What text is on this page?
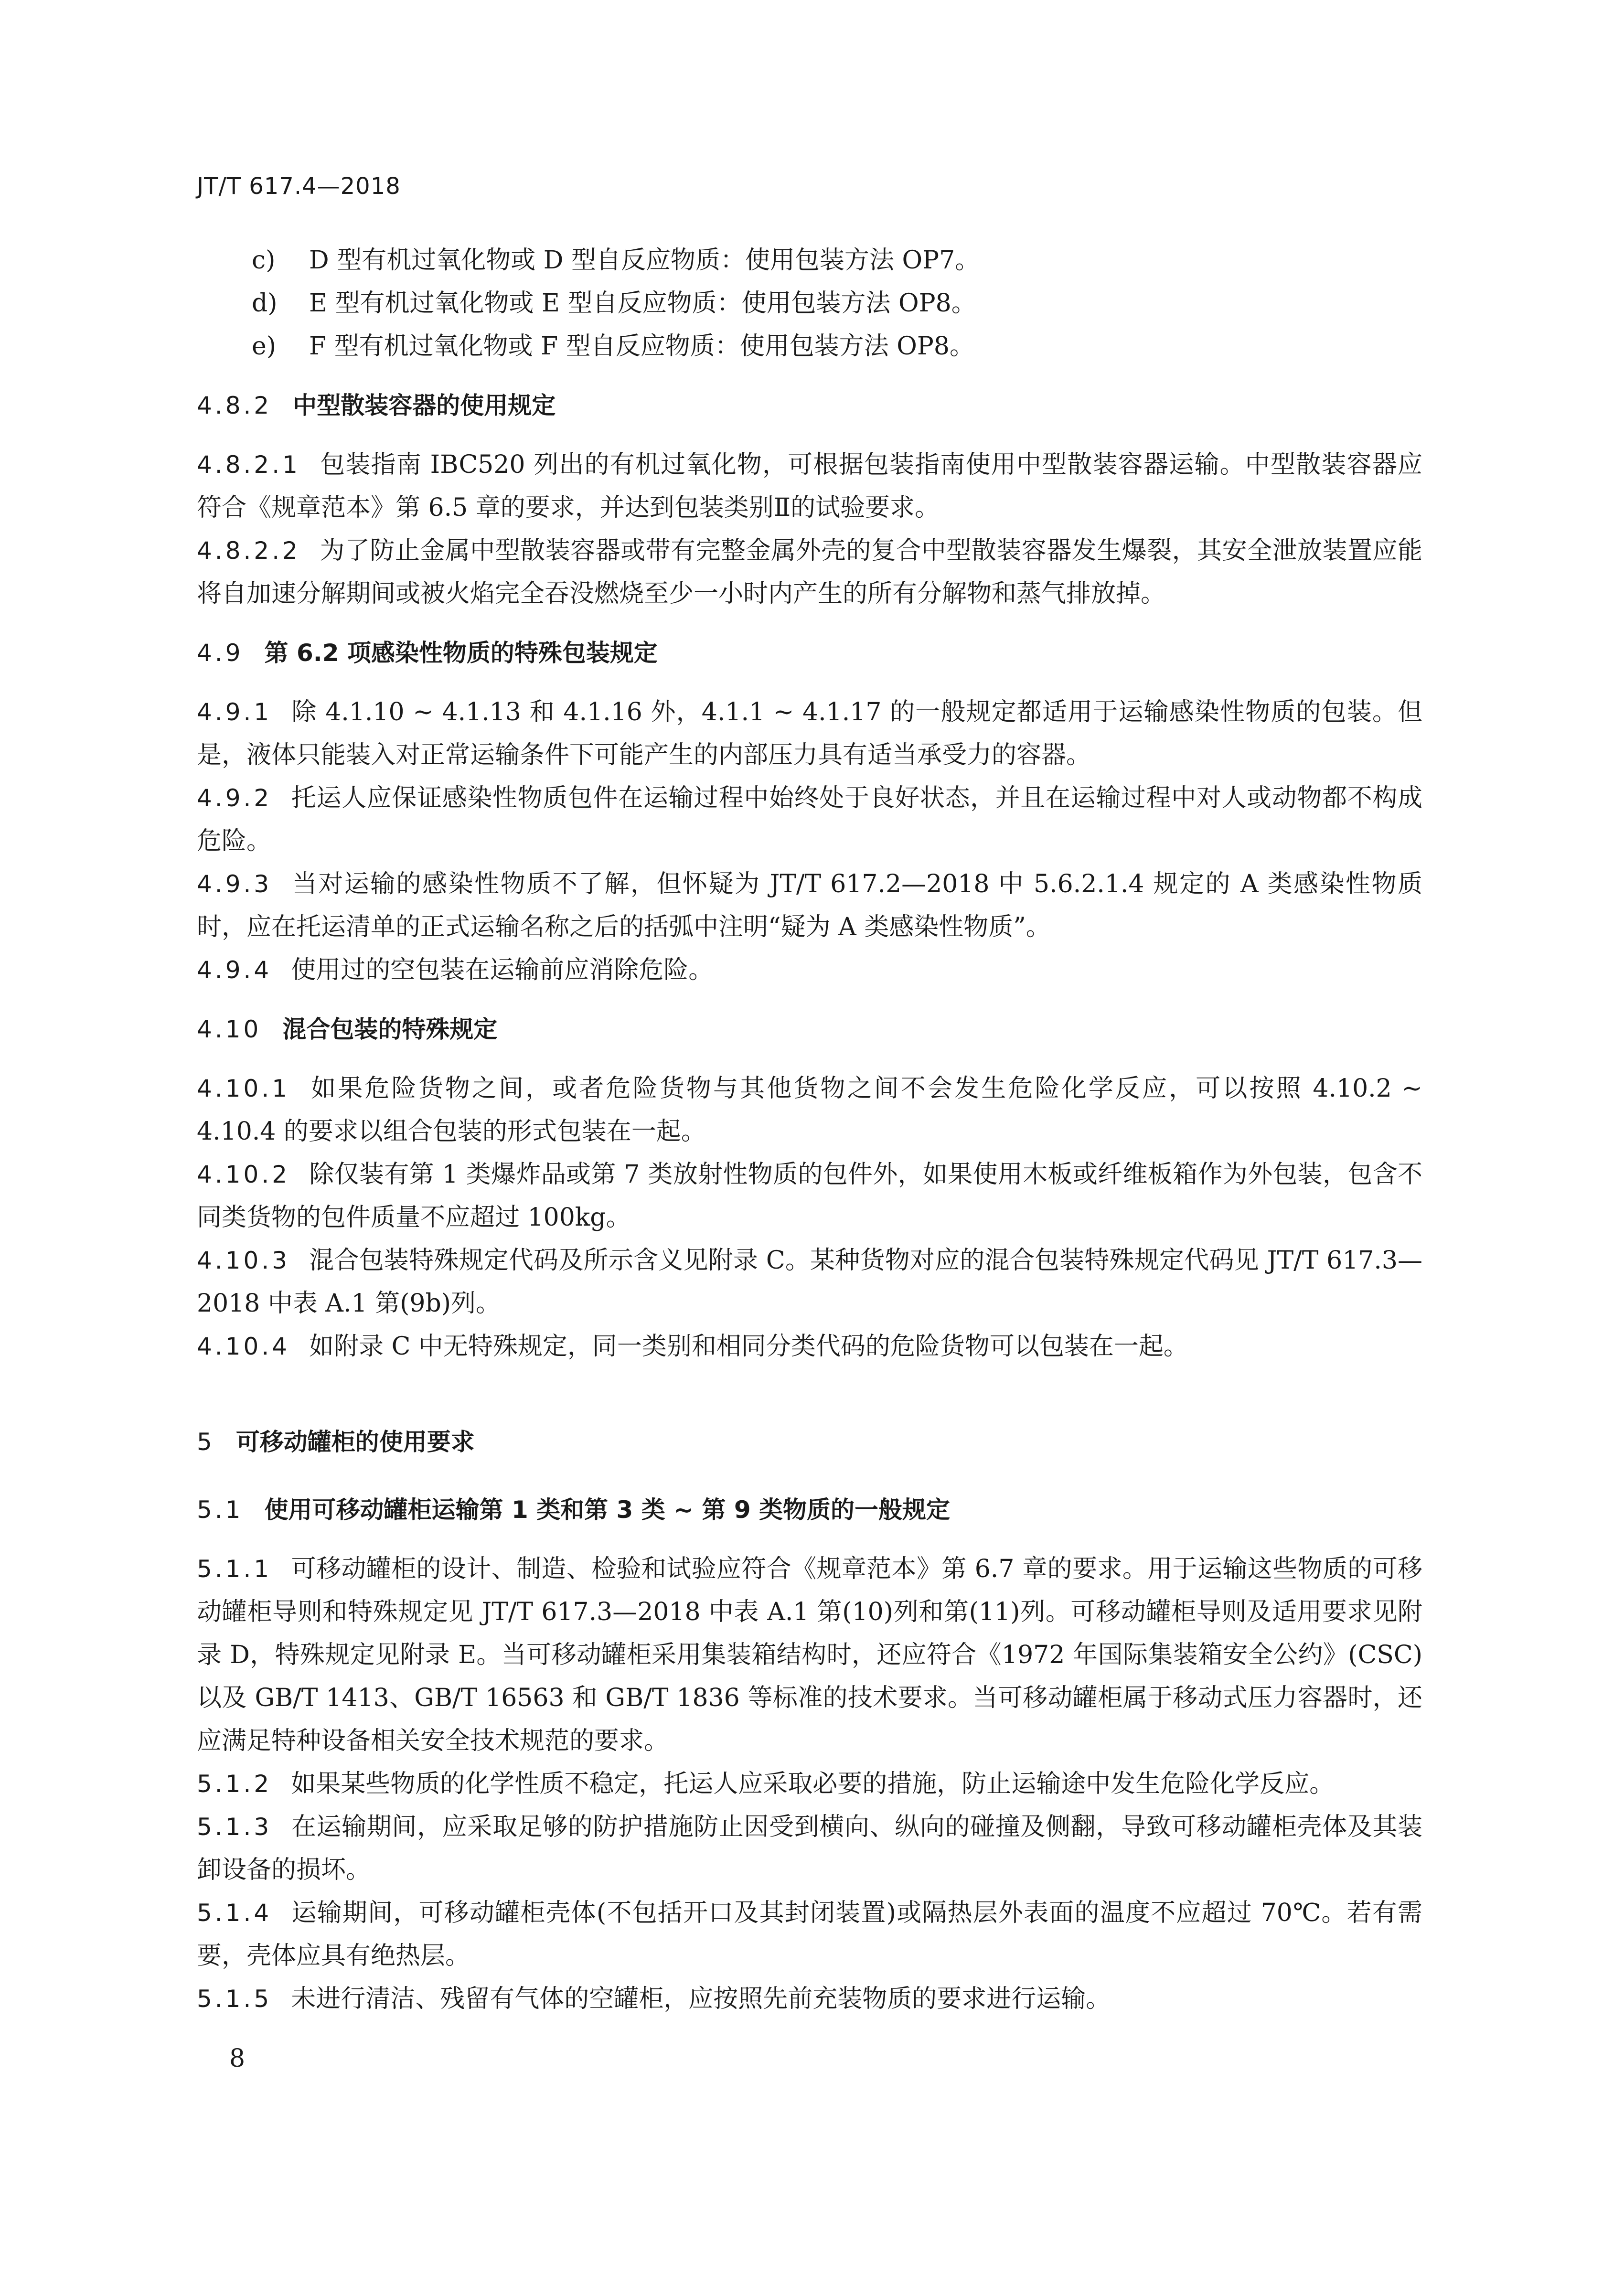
JT/T 617.4—2018
c)	D 型有机过氧化物或 D 型自反应物质：使用包装方法 OP7。
d)	E 型有机过氧化物或 E 型自反应物质：使用包装方法 OP8。
e)	F 型有机过氧化物或 F 型自反应物质：使用包装方法 OP8。
4.8.2 中型散装容器的使用规定

4.8.2.1 包装指南 IBC520 列出的有机过氧化物，可根据包装指南使用中型散装容器运输。中型散装容器应符合《规章范本》第 6.5 章的要求，并达到包装类别Ⅱ的试验要求。

4.8.2.2 为了防止金属中型散装容器或带有完整金属外壳的复合中型散装容器发生爆裂，其安全泄放装置应能将自加速分解期间或被火焰完全吞没燃烧至少一小时内产生的所有分解物和蒸气排放掉。

4.9 第 6.2 项感染性物质的特殊包装规定

4.9.1 除 4.1.10 ~ 4.1.13 和 4.1.16 外，4.1.1 ~ 4.1.17 的一般规定都适用于运输感染性物质的包装。但是，液体只能装入对正常运输条件下可能产生的内部压力具有适当承受力的容器。

4.9.2 托运人应保证感染性物质包件在运输过程中始终处于良好状态，并且在运输过程中对人或动物都不构成危险。

4.9.3 当对运输的感染性物质不了解，但怀疑为 JT/T 617.2—2018 中 5.6.2.1.4 规定的 A 类感染性物质时，应在托运清单的正式运输名称之后的括弧中注明“疑为 A 类感染性物质”。

4.9.4 使用过的空包装在运输前应消除危险。

4.10 混合包装的特殊规定

4.10.1 如果危险货物之间，或者危险货物与其他货物之间不会发生危险化学反应，可以按照 4.10.2 ~ 4.10.4 的要求以组合包装的形式包装在一起。

4.10.2 除仅装有第 1 类爆炸品或第 7 类放射性物质的包件外，如果使用木板或纤维板箱作为外包装，包含不同类货物的包件质量不应超过 100kg。

4.10.3 混合包装特殊规定代码及所示含义见附录 C。某种货物对应的混合包装特殊规定代码见 JT/T 617.3—2018 中表 A.1 第(9b)列。

4.10.4 如附录 C 中无特殊规定，同一类别和相同分类代码的危险货物可以包装在一起。

5 可移动罐柜的使用要求
5.1 使用可移动罐柜运输第 1 类和第 3 类 ~ 第 9 类物质的一般规定

5.1.1 可移动罐柜的设计、制造、检验和试验应符合《规章范本》第 6.7 章的要求。用于运输这些物质的可移动罐柜导则和特殊规定见 JT/T 617.3—2018 中表 A.1 第(10)列和第(11)列。可移动罐柜导则及适用要求见附录 D，特殊规定见附录 E。当可移动罐柜采用集装箱结构时，还应符合《1972 年国际集装箱安全公约》(CSC)以及 GB/T 1413、GB/T 16563 和 GB/T 1836 等标准的技术要求。当可移动罐柜属于移动式压力容器时，还应满足特种设备相关安全技术规范的要求。

5.1.2 如果某些物质的化学性质不稳定，托运人应采取必要的措施，防止运输途中发生危险化学反应。

5.1.3 在运输期间，应采取足够的防护措施防止因受到横向、纵向的碰撞及侧翻，导致可移动罐柜壳体及其装卸设备的损坏。

5.1.4 运输期间，可移动罐柜壳体(不包括开口及其封闭装置)或隔热层外表面的温度不应超过 70℃。若有需要，壳体应具有绝热层。

5.1.5 未进行清洁、残留有气体的空罐柜，应按照先前充装物质的要求进行运输。

8
